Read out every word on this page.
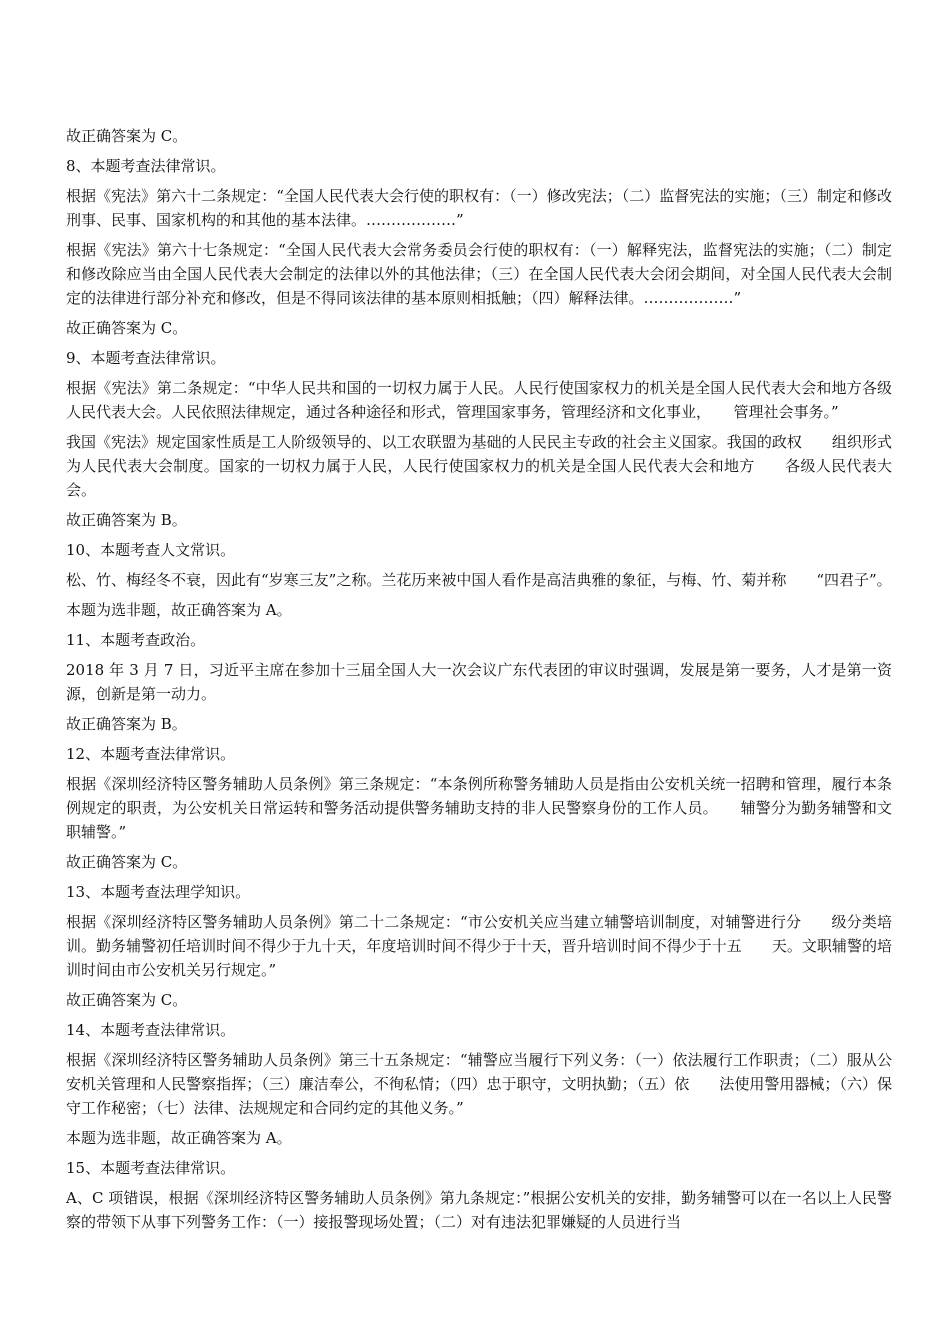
故正确答案为 C。

8、本题考查法律常识。

根据《宪法》第六十二条规定：“全国人民代表大会行使的职权有：（一）修改宪法；（二）监督宪法的实施；（三）制定和修改刑事、民事、国家机构的和其他的基本法律。………………”

根据《宪法》第六十七条规定：“全国人民代表大会常务委员会行使的职权有：（一）解释宪法，监督宪法的实施；（二）制定和修改除应当由全国人民代表大会制定的法律以外的其他法律；（三）在全国人民代表大会闭会期间，对全国人民代表大会制定的法律进行部分补充和修改，但是不得同该法律的基本原则相抵触；（四）解释法律。………………”

故正确答案为 C。

9、本题考查法律常识。

根据《宪法》第二条规定：“中华人民共和国的一切权力属于人民。人民行使国家权力的机关是全国人民代表大会和地方各级人民代表大会。人民依照法律规定，通过各种途径和形式，管理国家事务，管理经济和文化事业，　　管理社会事务。”

我国《宪法》规定国家性质是工人阶级领导的、以工农联盟为基础的人民民主专政的社会主义国家。我国的政权　　组织形式为人民代表大会制度。国家的一切权力属于人民，人民行使国家权力的机关是全国人民代表大会和地方　　各级人民代表大会。

故正确答案为 B。

10、本题考查人文常识。

松、竹、梅经冬不衰，因此有“岁寒三友”之称。兰花历来被中国人看作是高洁典雅的象征，与梅、竹、菊并称　　“四君子”。

本题为选非题，故正确答案为 A。

11、本题考查政治。

2018 年 3 月 7 日，习近平主席在参加十三届全国人大一次会议广东代表团的审议时强调，发展是第一要务，人才是第一资源，创新是第一动力。

故正确答案为 B。

12、本题考查法律常识。

根据《深圳经济特区警务辅助人员条例》第三条规定：“本条例所称警务辅助人员是指由公安机关统一招聘和管理，履行本条例规定的职责，为公安机关日常运转和警务活动提供警务辅助支持的非人民警察身份的工作人员。　　辅警分为勤务辅警和文职辅警。”

故正确答案为 C。

13、本题考查法理学知识。

根据《深圳经济特区警务辅助人员条例》第二十二条规定：“市公安机关应当建立辅警培训制度，对辅警进行分　　级分类培训。勤务辅警初任培训时间不得少于九十天，年度培训时间不得少于十天，晋升培训时间不得少于十五　　天。文职辅警的培训时间由市公安机关另行规定。”

故正确答案为 C。

14、本题考查法律常识。

根据《深圳经济特区警务辅助人员条例》第三十五条规定：“辅警应当履行下列义务：（一）依法履行工作职责；（二）服从公安机关管理和人民警察指挥；（三）廉洁奉公，不徇私情；（四）忠于职守，文明执勤；（五）依　　法使用警用器械；（六）保守工作秘密；（七）法律、法规规定和合同约定的其他义务。”

本题为选非题，故正确答案为 A。

15、本题考查法律常识。

A、C 项错误，根据《深圳经济特区警务辅助人员条例》第九条规定：”根据公安机关的安排，勤务辅警可以在一名以上人民警察的带领下从事下列警务工作：（一）接报警现场处置；（二）对有违法犯罪嫌疑的人员进行当
